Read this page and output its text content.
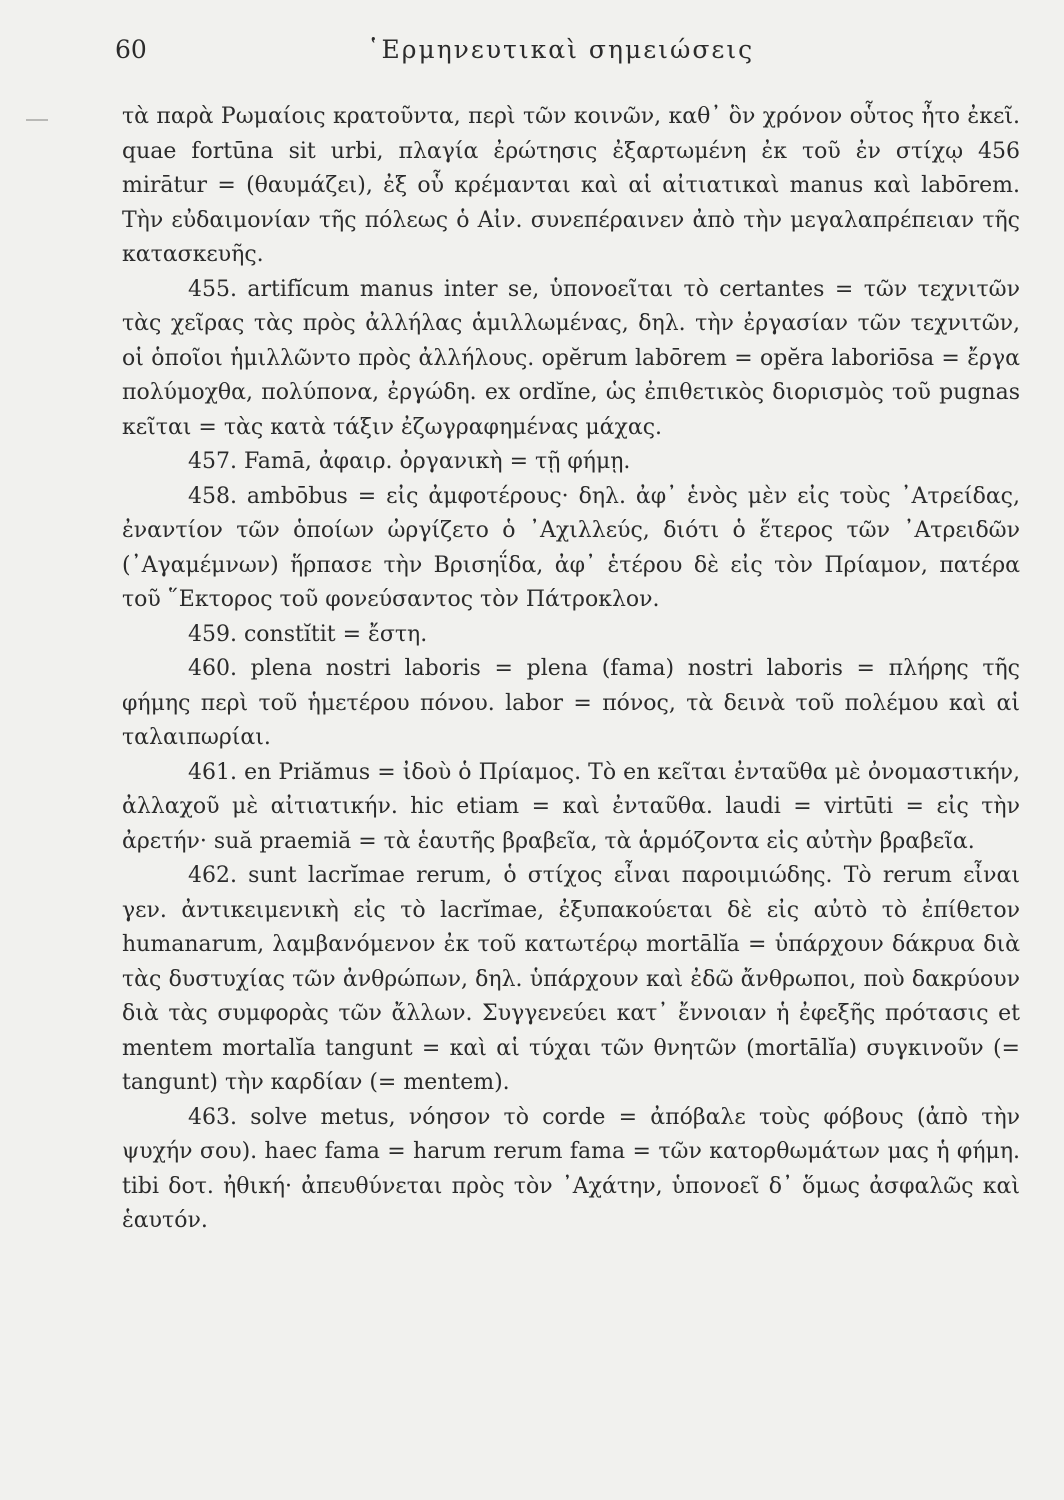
60	῾Ερμηνευτικαὶ σημειώσεις

τὰ παρὰ Ρωμαίοις κρατοῦντα, περὶ τῶν κοινῶν, καθ᾽ ὃν χρόνον οὗτος ἦτο ἐκεῖ. quae fortūna sit urbi, πλαγία ἐρώτησις ἐξαρτωμένη ἐκ τοῦ ἐν στίχῳ 456 mirātur = (θαυμάζει), ἐξ οὗ κρέμανται καὶ αἱ αἰτιατικαὶ manus καὶ labōrem. Τὴν εὐδαιμονίαν τῆς πόλεως ὁ Αἰν. συνεπέραινεν ἀπὸ τὴν μεγαλαπρέπειαν τῆς κατασκευῆς.

455. artifĭcum manus inter se, ὑπονοεῖται τὸ certantes = τῶν τεχνιτῶν τὰς χεῖρας τὰς πρὸς ἀλλήλας ἁμιλλωμένας, δηλ. τὴν ἐργασίαν τῶν τεχνιτῶν, οἱ ὁποῖοι ἡμιλλῶντο πρὸς ἀλλήλους. opĕrum labōrem = opĕra laboriōsa = ἔργα πολύμοχθα, πολύπονα, ἐργώδη. ex ordĭne, ὡς ἐπιθετικὸς διορισμὸς τοῦ pugnas κεῖται = τὰς κατὰ τάξιν ἐζωγραφημένας μάχας.

457. Famā, ἀφαιρ. ὀργανικὴ = τῇ φήμῃ.

458. ambōbus = εἰς ἀμφοτέρους· δηλ. ἀφ᾽ ἑνὸς μὲν εἰς τοὺς ᾿Ατρείδας, ἐναντίον τῶν ὁποίων ὠργίζετο ὁ ᾿Αχιλλεύς, διότι ὁ ἕτερος τῶν ᾿Ατρειδῶν (᾿Αγαμέμνων) ἥρπασε τὴν Βρισηΐδα, ἀφ᾽ ἑτέρου δὲ εἰς τὸν Πρίαμον, πατέρα τοῦ ῞Εκτορος τοῦ φονεύσαντος τὸν Πάτροκλον.

459. constĭtit = ἔστη.

460. plena nostri laboris = plena (fama) nostri laboris = πλήρης τῆς φήμης περὶ τοῦ ἡμετέρου πόνου. labor = πόνος, τὰ δεινὰ τοῦ πολέμου καὶ αἱ ταλαιπωρίαι.

461. en Priămus = ἰδοὺ ὁ Πρίαμος. Τὸ en κεῖται ἐνταῦθα μὲ ὀνομαστικήν, ἀλλαχοῦ μὲ αἰτιατικήν. hic etiam = καὶ ἐνταῦθα. laudi = virtūti = εἰς τὴν ἀρετήν· suă praemiă = τὰ ἑαυτῆς βραβεῖα, τὰ ἁρμόζοντα εἰς αὐτὴν βραβεῖα.

462. sunt lacrĭmae rerum, ὁ στίχος εἶναι παροιμιώδης. Τὸ rerum εἶναι γεν. ἀντικειμενικὴ εἰς τὸ lacrĭmae, ἐξυπακούεται δὲ εἰς αὐτὸ τὸ ἐπίθετον humanarum, λαμβανόμενον ἐκ τοῦ κατωτέρῳ mortālĭa = ὑπάρχουν δάκρυα διὰ τὰς δυστυχίας τῶν ἀνθρώπων, δηλ. ὑπάρχουν καὶ ἐδῶ ἄνθρωποι, ποὺ δακρύουν διὰ τὰς συμφορὰς τῶν ἄλλων. Συγγενεύει κατ᾽ ἔννοιαν ἡ ἐφεξῆς πρότασις et mentem mortalĭa tangunt = καὶ αἱ τύχαι τῶν θνητῶν (mortālĭa) συγκινοῦν (= tangunt) τὴν καρδίαν (= mentem).

463. solve metus, νόησον τὸ corde = ἀπόβαλε τοὺς φόβους (ἀπὸ τὴν ψυχήν σου). haec fama = harum rerum fama = τῶν κατορθωμάτων μας ἡ φήμη. tibi δοτ. ἠθική· ἀπευθύνεται πρὸς τὸν ᾿Αχάτην, ὑπονοεῖ δ᾽ ὅμως ἀσφαλῶς καὶ ἑαυτόν.
